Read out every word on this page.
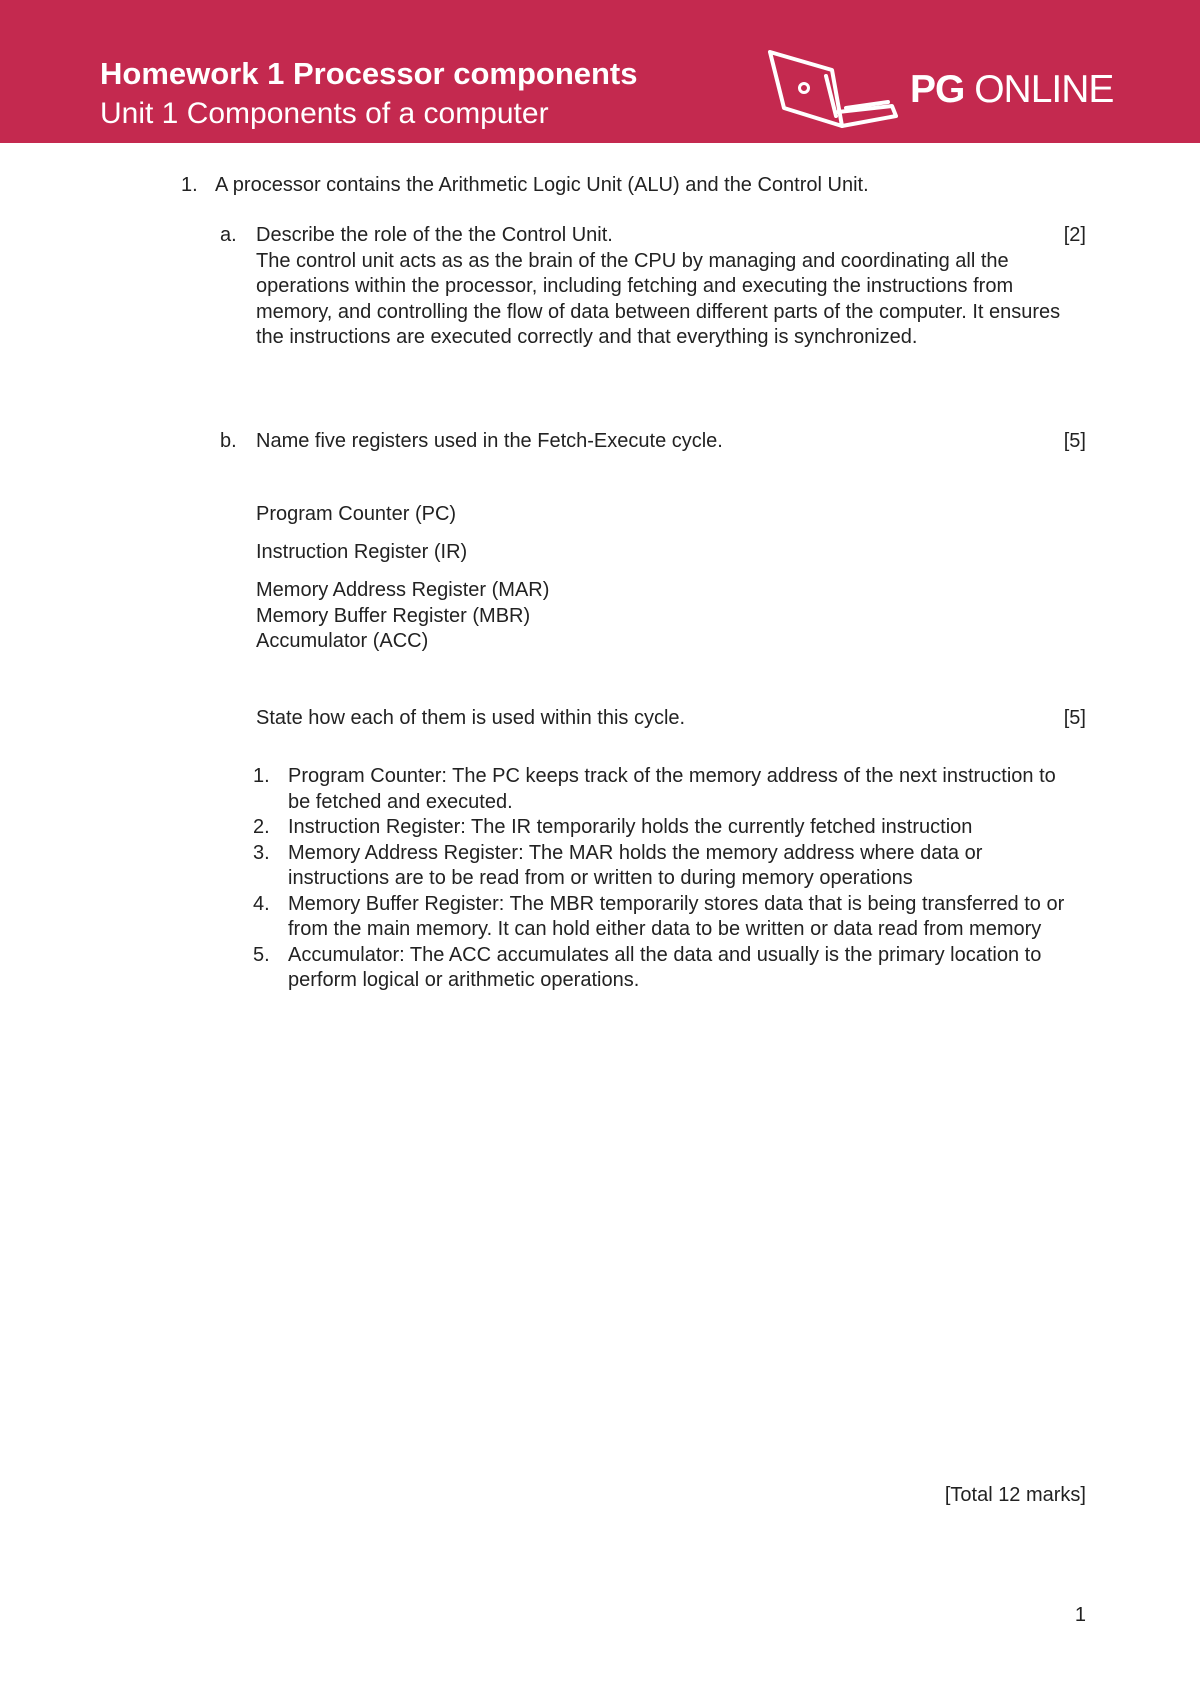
Homework 1 Processor components
Unit 1 Components of a computer
PG ONLINE
1. A processor contains the Arithmetic Logic Unit (ALU) and the Control Unit.
a. Describe the role of the the Control Unit.	[2]
The control unit acts as as the brain of the CPU by managing and coordinating all the operations within the processor, including fetching and executing the instructions from memory, and controlling the flow of data between different parts of the computer. It ensures the instructions are executed correctly and that everything is synchronized.
b. Name five registers used in the Fetch-Execute cycle.	[5]
Program Counter (PC)
Instruction Register (IR)
Memory Address Register (MAR)
Memory Buffer Register (MBR)
Accumulator (ACC)
State how each of them is used within this cycle.	[5]
1. Program Counter: The PC keeps track of the memory address of the next instruction to be fetched and executed.
2. Instruction Register: The IR temporarily holds the currently fetched instruction
3. Memory Address Register: The MAR holds the memory address where data or instructions are to be read from or written to during memory operations
4. Memory Buffer Register: The MBR temporarily stores data that is being transferred to or from the main memory. It can hold either data to be written or data read from memory
5. Accumulator: The ACC accumulates all the data and usually is the primary location to perform logical or arithmetic operations.
[Total 12 marks]
1
